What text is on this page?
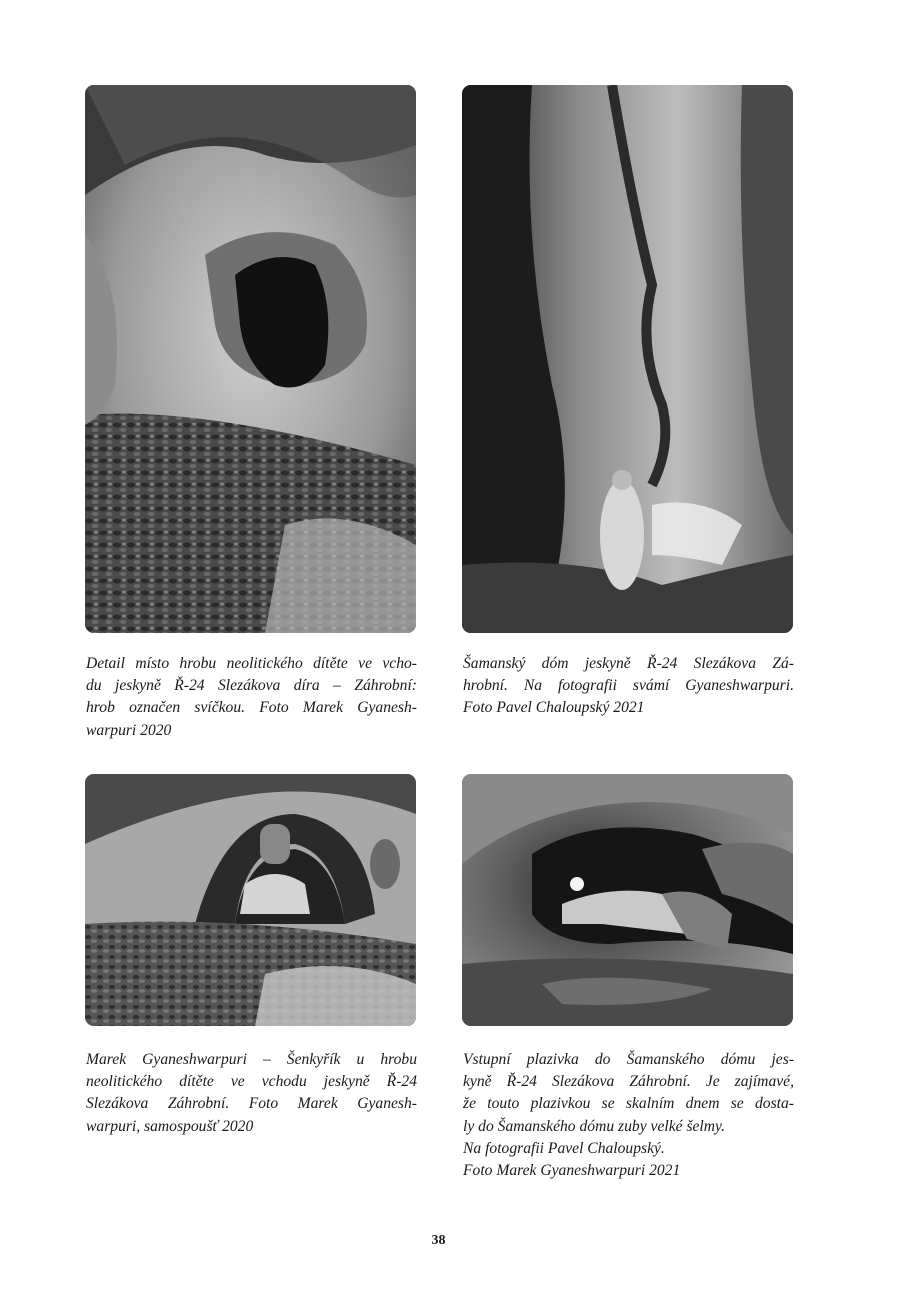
Detail místo hrobu neolitického dítěte ve vcho-
du jeskyně Ř-24 Slezákova díra – Záhrobní:
hrob označen svíčkou. Foto Marek Gyanesh-
warpuri 2020

Šamanský dóm jeskyně Ř-24 Slezákova Zá-
hrobní. Na fotografii svámí Gyaneshwarpuri.
Foto Pavel Chaloupský 2021

Marek Gyaneshwarpuri – Šenkyřík u hrobu
neolitického dítěte ve vchodu jeskyně Ř-24
Slezákova Záhrobní. Foto Marek Gyanesh-
warpuri, samospoušť 2020

Vstupní plazivka do Šamanského dómu jes-
kyně Ř-24 Slezákova Záhrobní. Je zajímavé,
že touto plazivkou se skalním dnem se dosta-
ly do Šamanského dómu zuby velké šelmy.
Na fotografii Pavel Chaloupský.
Foto Marek Gyaneshwarpuri 2021

38
